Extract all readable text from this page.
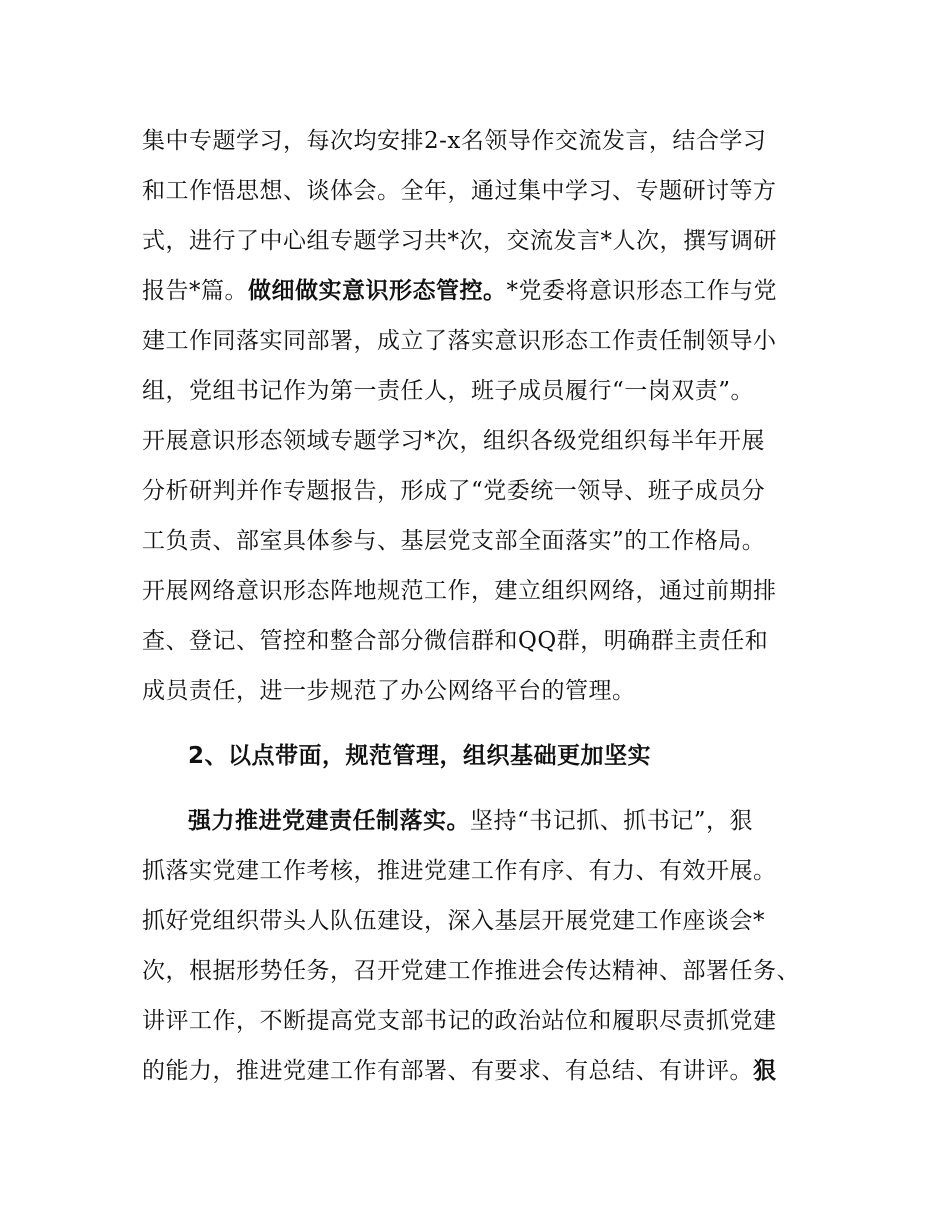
集中专题学习，每次均安排2-x名领导作交流发言，结合学习
和工作悟思想、谈体会。全年，通过集中学习、专题研讨等方
式，进行了中心组专题学习共*次，交流发言*人次，撰写调研
报告*篇。做细做实意识形态管控。*党委将意识形态工作与党
建工作同落实同部署，成立了落实意识形态工作责任制领导小
组，党组书记作为第一责任人，班子成员履行“一岗双责”。
开展意识形态领域专题学习*次，组织各级党组织每半年开展
分析研判并作专题报告，形成了“党委统一领导、班子成员分
工负责、部室具体参与、基层党支部全面落实”的工作格局。
开展网络意识形态阵地规范工作，建立组织网络，通过前期排
查、登记、管控和整合部分微信群和QQ群，明确群主责任和
成员责任，进一步规范了办公网络平台的管理。
2、以点带面，规范管理，组织基础更加坚实
强力推进党建责任制落实。坚持“书记抓、抓书记”，狠
抓落实党建工作考核，推进党建工作有序、有力、有效开展。
抓好党组织带头人队伍建设，深入基层开展党建工作座谈会*
次，根据形势任务，召开党建工作推进会传达精神、部署任务、
讲评工作，不断提高党支部书记的政治站位和履职尽责抓党建
的能力，推进党建工作有部署、有要求、有总结、有讲评。狠
